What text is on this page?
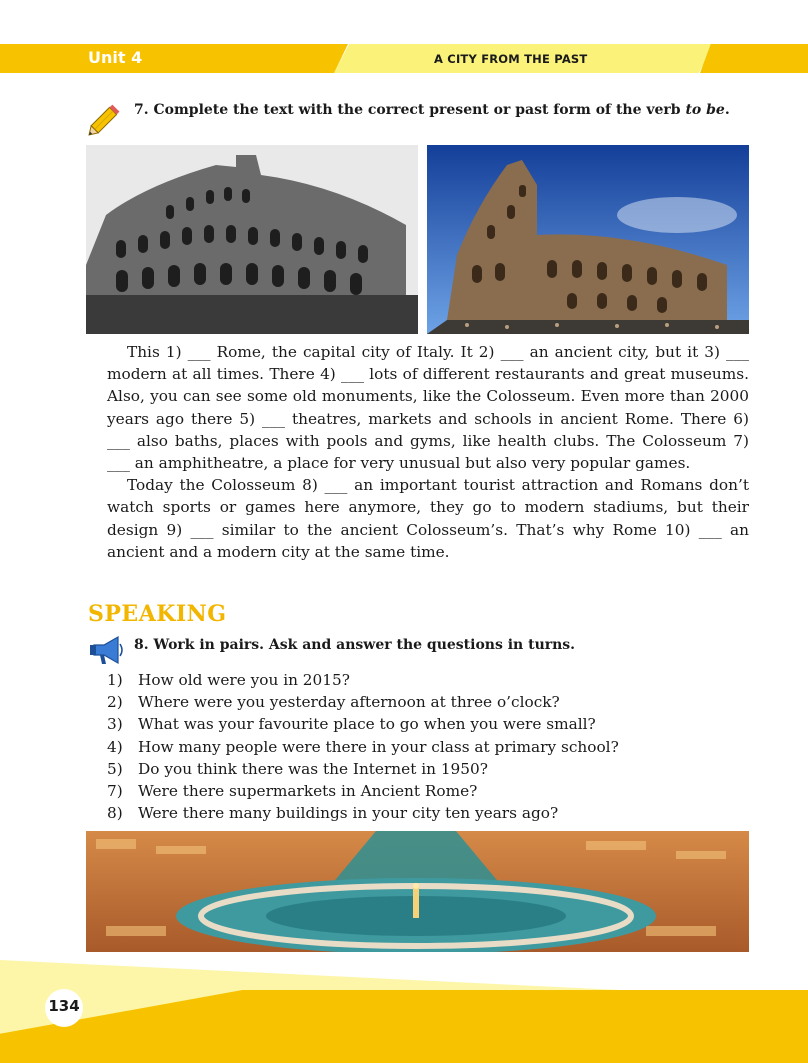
Unit 4	A CITY FROM THE PAST
7. Complete the text with the correct present or past form of the verb to be.

This 1) ___ Rome, the capital city of Italy. It 2) ___ an ancient city, but it 3) ___ modern at all times. There 4) ___ lots of different restaurants and great museums. Also, you can see some old monuments, like the Colosseum. Even more than 2000 years ago there 5) ___ theatres, markets and schools in ancient Rome. There 6) ___ also baths, places with pools and gyms, like health clubs. The Colosseum 7) ___ an amphitheatre, a place for very unusual but also very popular games.

Today the Colosseum 8) ___ an important tourist attraction and Romans don’t watch sports or games here anymore, they go to modern stadiums, but their design 9) ___ similar to the ancient Colosseum’s. That’s why Rome 10) ___ an ancient and a modern city at the same time.

SPEAKING
8. Work in pairs. Ask and answer the questions in turns.
1) How old were you in 2015?
2) Where were you yesterday afternoon at three o’clock?
3) What was your favourite place to go when you were small?
4) How many people were there in your class at primary school?
5) Do you think there was the Internet in 1950?
7) Were there supermarkets in Ancient Rome?
8) Were there many buildings in your city ten years ago?
134
